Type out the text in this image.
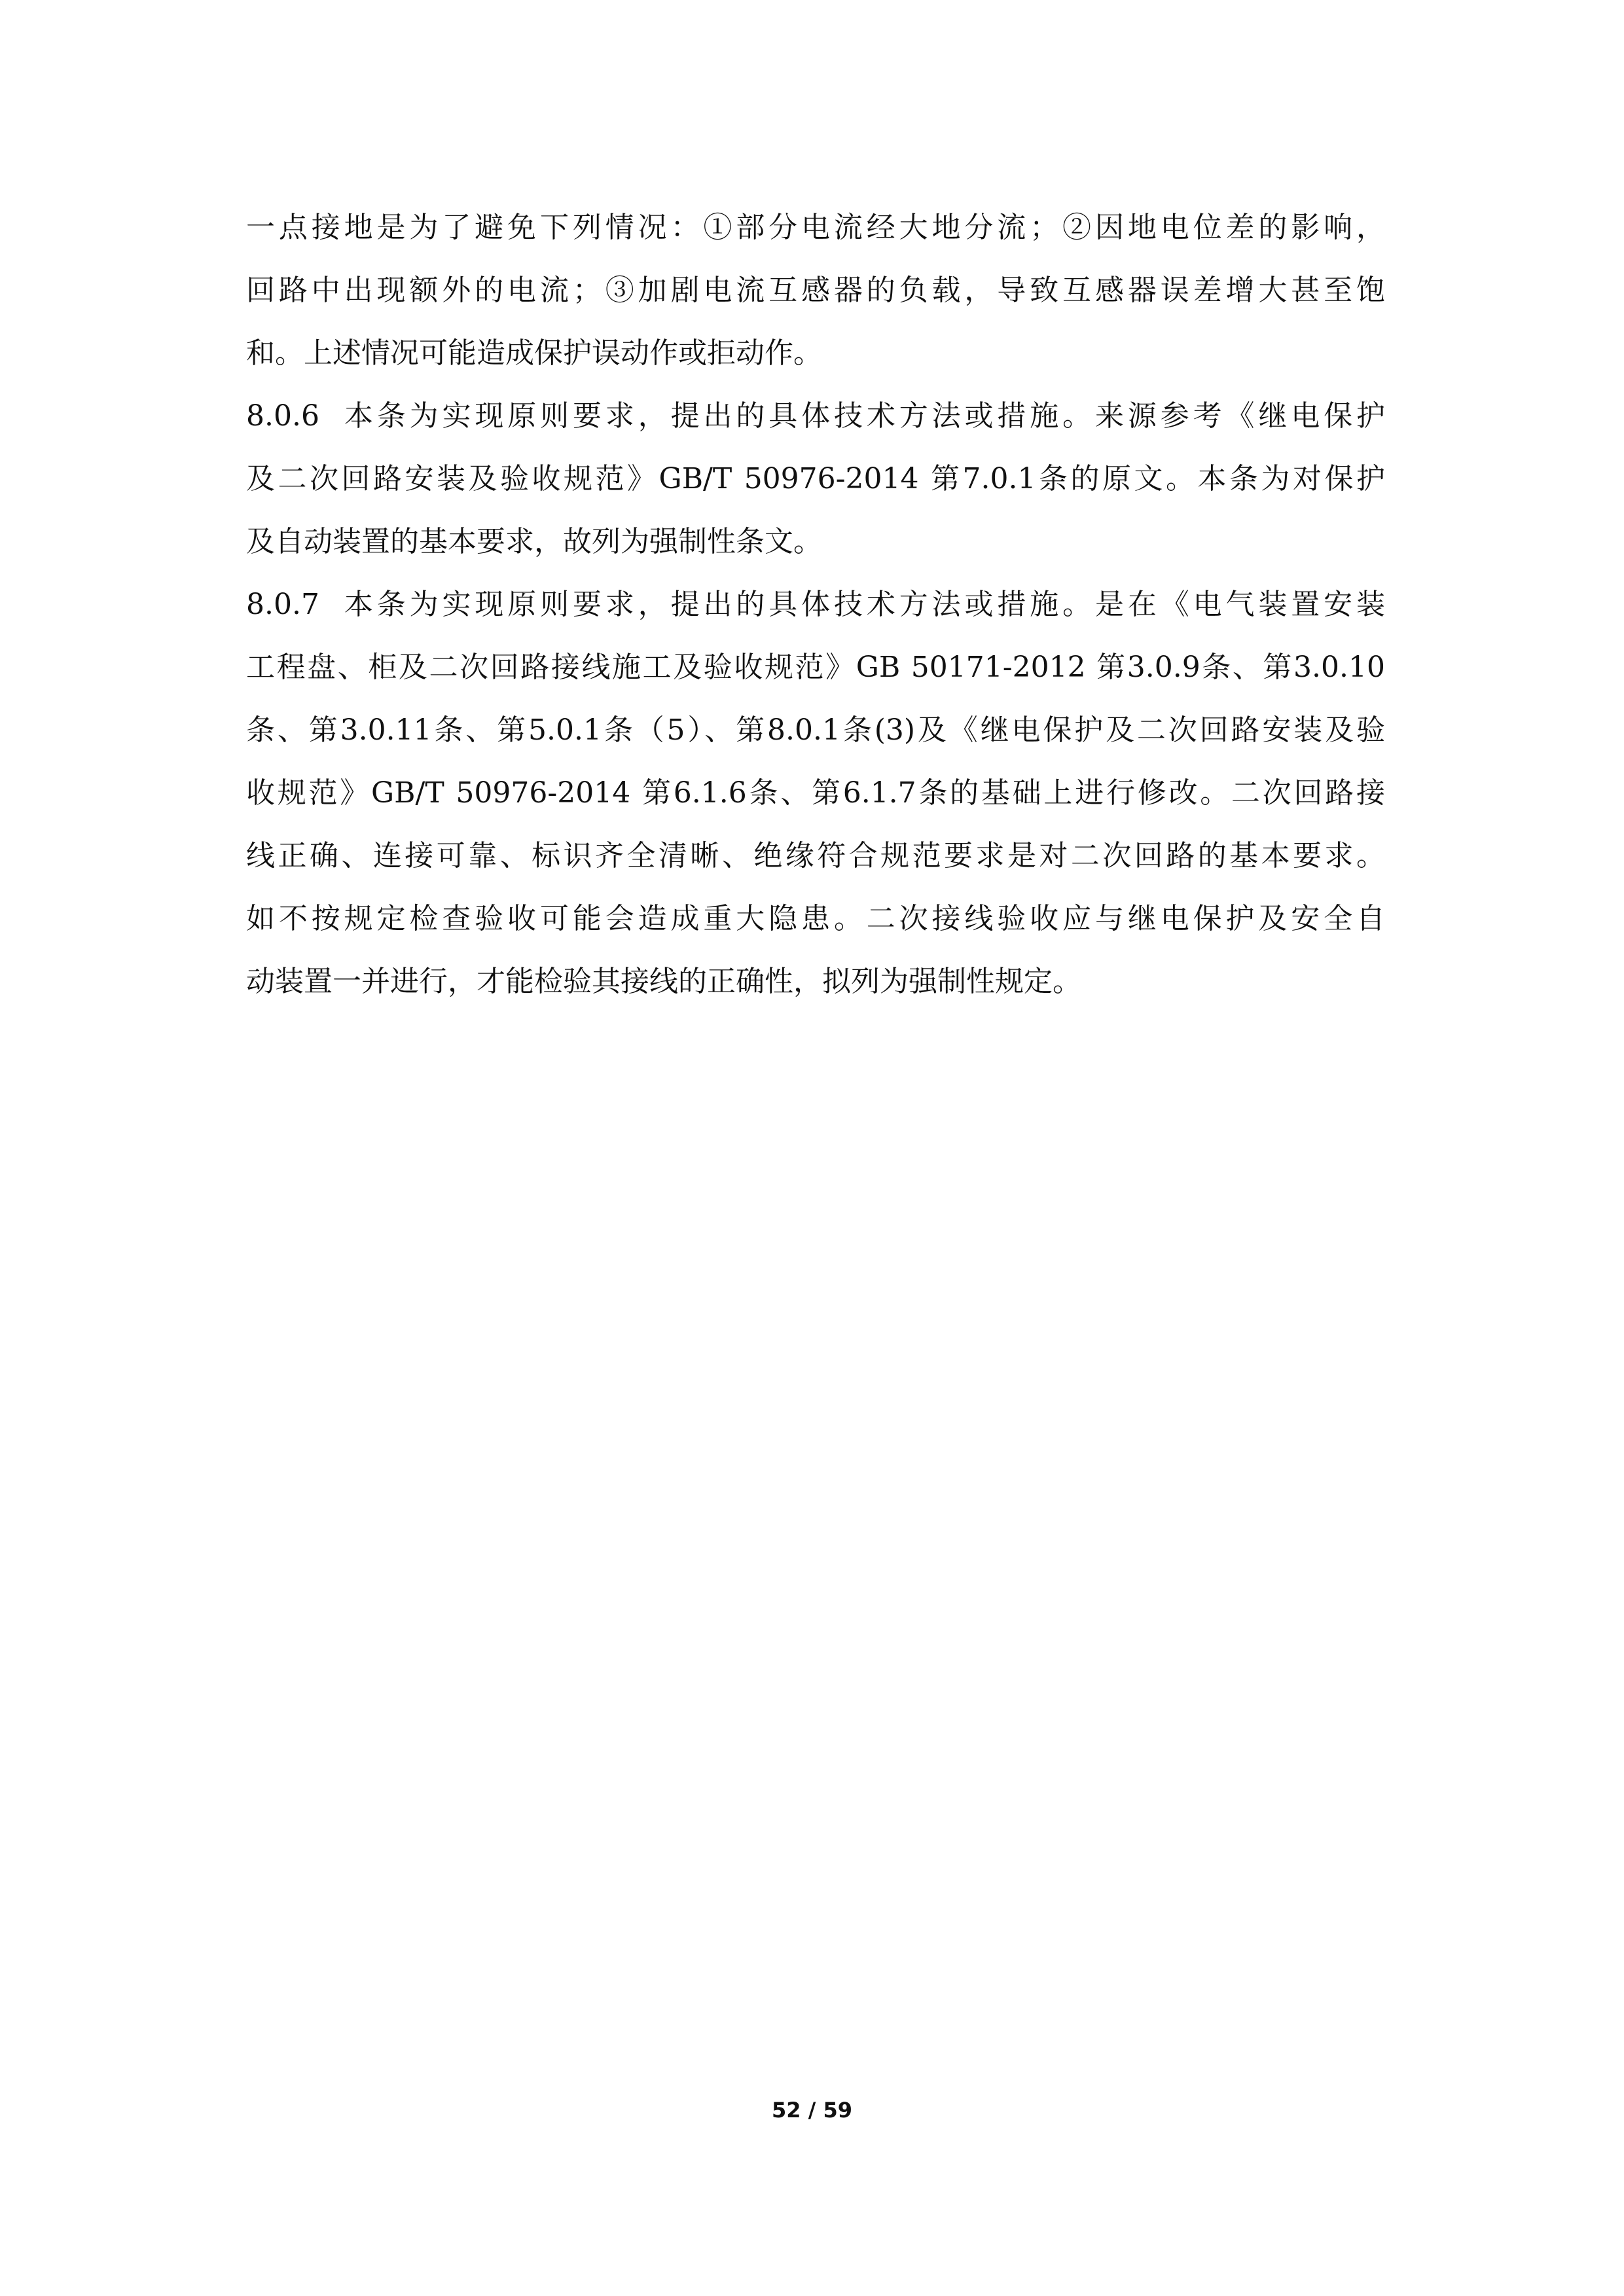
一点接地是为了避免下列情况：①部分电流经大地分流；②因地电位差的影响，
回路中出现额外的电流；③加剧电流互感器的负载，导致互感器误差增大甚至饱
和。上述情况可能造成保护误动作或拒动作。
8.0.6 本条为实现原则要求，提出的具体技术方法或措施。来源参考《继电保护
及二次回路安装及验收规范》GB/T 50976-2014 第7.0.1条的原文。本条为对保护
及自动装置的基本要求，故列为强制性条文。
8.0.7 本条为实现原则要求，提出的具体技术方法或措施。是在《电气装置安装
工程盘、柜及二次回路接线施工及验收规范》GB 50171-2012 第3.0.9条、第3.0.10
条、第3.0.11条、第5.0.1条（5）、第8.0.1条(3)及《继电保护及二次回路安装及验
收规范》GB/T 50976-2014 第6.1.6条、第6.1.7条的基础上进行修改。二次回路接
线正确、连接可靠、标识齐全清晰、绝缘符合规范要求是对二次回路的基本要求。
如不按规定检查验收可能会造成重大隐患。二次接线验收应与继电保护及安全自
动装置一并进行，才能检验其接线的正确性，拟列为强制性规定。
52 / 59
